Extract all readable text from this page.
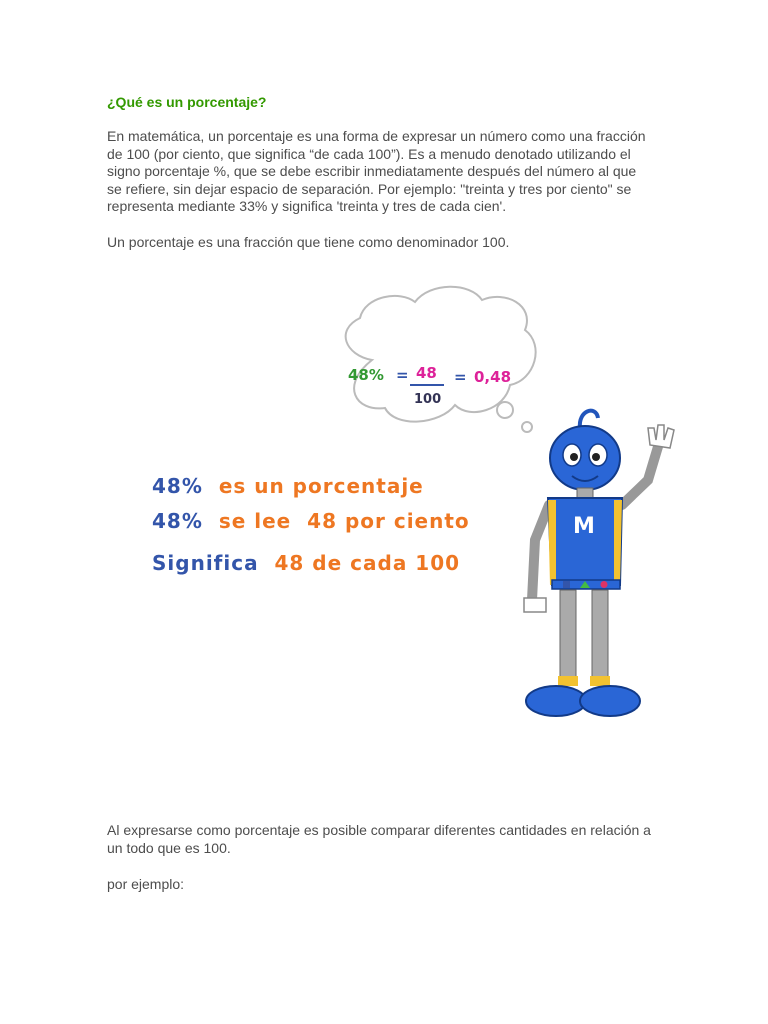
¿Qué es un porcentaje?
En matemática, un porcentaje es una forma de expresar un número como una fracción de 100 (por ciento, que significa “de cada 100”). Es a menudo denotado utilizando el signo porcentaje %, que se debe escribir inmediatamente después del número al que se refiere, sin dejar espacio de separación. Por ejemplo: "treinta y tres por ciento" se representa mediante 33% y significa 'treinta y tres de cada cien'.
Un porcentaje es una fracción que tiene como denominador 100.
M
48% = 48
100
= 0,48
48% es un porcentaje
48% se lee 48 por ciento
Significa 48 de cada 100
Al expresarse como porcentaje es posible comparar diferentes cantidades en relación a un todo que es 100.
por ejemplo:
